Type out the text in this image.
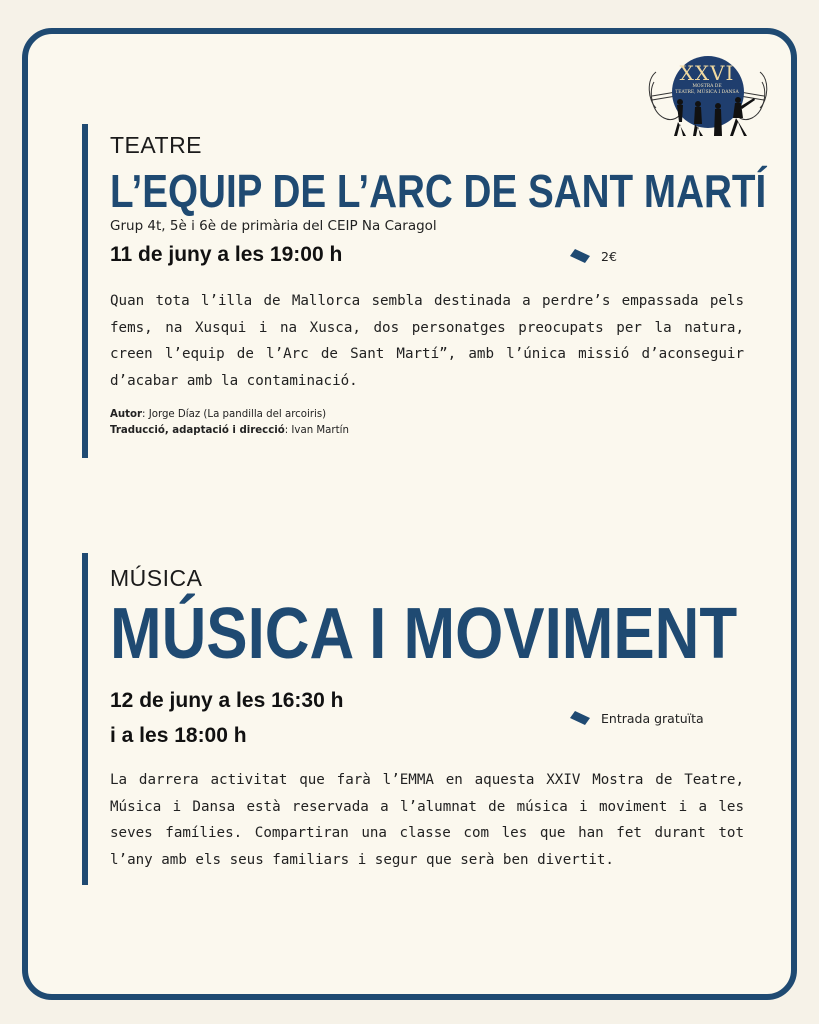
XXVI
MOSTRA DE
TEATRE, MÚSICA I DANSA
TEATRE
L’EQUIP DE L’ARC DE SANT MARTÍ
Grup 4t, 5è i 6è de primària del CEIP Na Caragol
11 de juny a les 19:00 h	2€
Quan tota l’illa de Mallorca sembla destinada a perdre’s empassada pels fems, na Xusqui i na Xusca, dos personatges preocupats per la natura, creen l’equip de l’Arc de Sant Martí”, amb l’única missió d’aconseguir d’acabar amb la contaminació.
Autor: Jorge Díaz (La pandilla del arcoiris)
Traducció, adaptació i direcció: Ivan Martín
MÚSICA
MÚSICA I MOVIMENT
12 de juny a les 16:30 h
i a les 18:00 h
Entrada gratuïta
La darrera activitat que farà l’EMMA en aquesta XXIV Mostra de Teatre, Música i Dansa està reservada a l’alumnat de música i moviment i a les seves famílies. Compartiran una classe com les que han fet durant tot l’any amb els seus familiars i segur que serà ben divertit.
